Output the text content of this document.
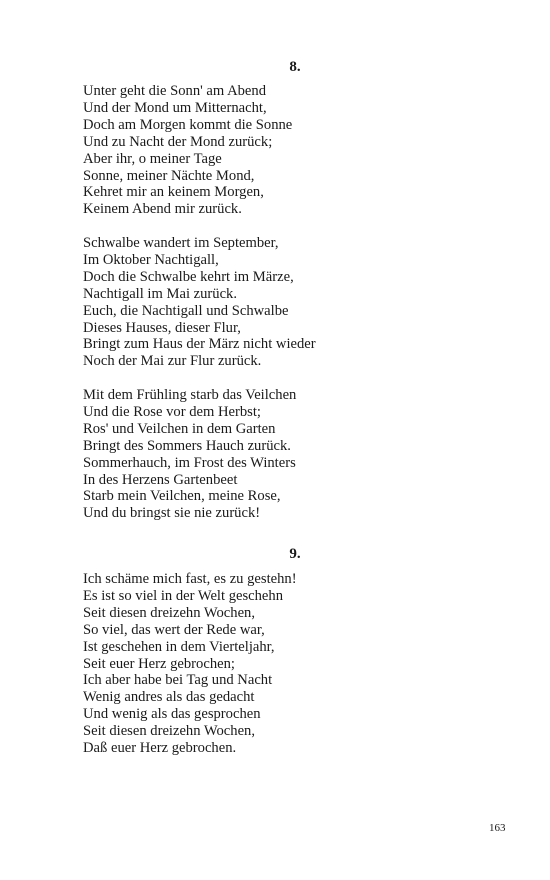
8.
Unter geht die Sonn' am Abend
Und der Mond um Mitternacht,
Doch am Morgen kommt die Sonne
Und zu Nacht der Mond zurück;
Aber ihr, o meiner Tage
Sonne, meiner Nächte Mond,
Kehret mir an keinem Morgen,
Keinem Abend mir zurück.
Schwalbe wandert im September,
Im Oktober Nachtigall,
Doch die Schwalbe kehrt im Märze,
Nachtigall im Mai zurück.
Euch, die Nachtigall und Schwalbe
Dieses Hauses, dieser Flur,
Bringt zum Haus der März nicht wieder
Noch der Mai zur Flur zurück.
Mit dem Frühling starb das Veilchen
Und die Rose vor dem Herbst;
Ros' und Veilchen in dem Garten
Bringt des Sommers Hauch zurück.
Sommerhauch, im Frost des Winters
In des Herzens Gartenbeet
Starb mein Veilchen, meine Rose,
Und du bringst sie nie zurück!
9.
Ich schäme mich fast, es zu gestehn!
Es ist so viel in der Welt geschehn
Seit diesen dreizehn Wochen,
So viel, das wert der Rede war,
Ist geschehen in dem Vierteljahr,
Seit euer Herz gebrochen;
Ich aber habe bei Tag und Nacht
Wenig andres als das gedacht
Und wenig als das gesprochen
Seit diesen dreizehn Wochen,
Daß euer Herz gebrochen.

163
